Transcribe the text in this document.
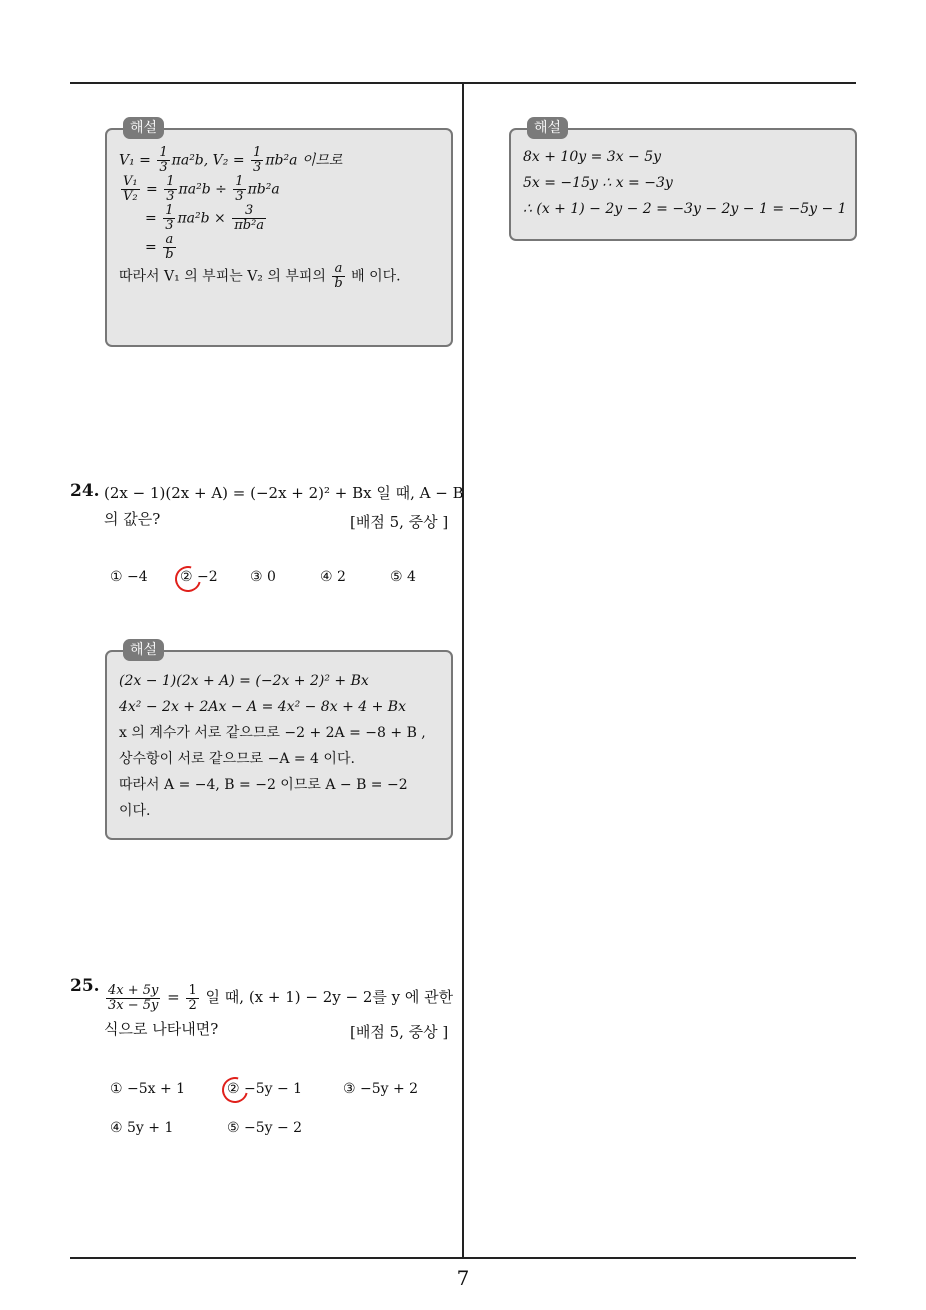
해설
$V_1 = \frac{1}{3} \pi a^2b$, $V_2 = \frac{1}{3} \pi b^2a$ 이므로
$\frac{\text{V₁}}{\text{V₂}} = \frac{1}{3} \pi a^2b \div \frac{1}{3} \pi b^2a$
= $\frac{1}{3} \pi a^2b \times \frac{3}{\text{πb²a}}$
= $\frac{a}{b}$
따라서 V₁ 의 부피는 V₂ 의 부피의 $\frac{a}{b}$ 배 이다.
해설
8x + 10y = 3x − 5y
5x = −15y ∴ x = −3y
∴ (x + 1) − 2y − 2 = −3y − 2y − 1 = −5y − 1
24. (2x − 1)(2x + A) = (−2x + 2)² + Bx 일 때, A − B
의 값은?	[배점 5, 중상 ]
① −4 ② −2 ③ 0	④ 2	⑤ 4
해설
(2x − 1)(2x + A) = (−2x + 2)² + Bx
4x² − 2x + 2Ax − A = 4x² − 8x + 4 + Bx
x 의 계수가 서로 같으므로 −2 + 2A = −8 + B ,
상수항이 서로 같으므로 −A = 4 이다.
따라서 A = −4, B = −2 이므로 A − B = −2
이다.
25. $\frac{4x + 5y}{3x - 5y} = \frac{1}{2}$ 일 때, (x + 1) − 2y − 2를 y 에 관한
식으로 나타내면?	[배점 5, 중상 ]
① −5x + 1	② −5y − 1	③ −5y + 2
④ 5y + 1	⑤ −5y − 2
7
